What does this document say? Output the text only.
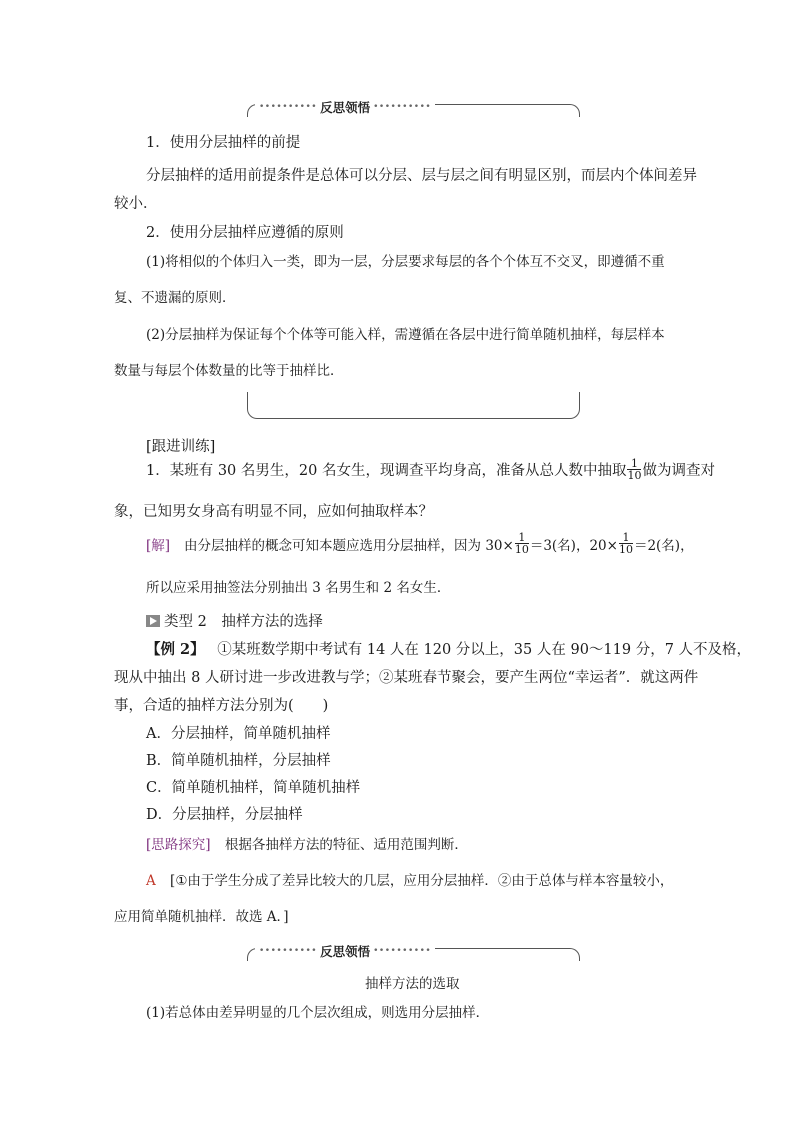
•••••••••• 反思领悟 ••••••••••
1．使用分层抽样的前提
分层抽样的适用前提条件是总体可以分层、层与层之间有明显区别，而层内个体间差异
较小．
2．使用分层抽样应遵循的原则
(1)将相似的个体归入一类，即为一层，分层要求每层的各个个体互不交叉，即遵循不重
复、不遗漏的原则．
(2)分层抽样为保证每个个体等可能入样，需遵循在各层中进行简单随机抽样，每层样本
数量与每层个体数量的比等于抽样比．
[跟进训练]
1．某班有 30 名男生，20 名女生，现调查平均身高，准备从总人数中抽取 $\frac{1}{10}$ 做为调查对
象，已知男女身高有明显不同，应如何抽取样本？
[解] 由分层抽样的概念可知本题应选用分层抽样，因为 $30\times \frac{1}{10} =3$(名)，$20\times \frac{1}{10} =2$(名)，
所以应采用抽签法分别抽出 3 名男生和 2 名女生．
类型 2　抽样方法的选择
【例 2】 ①某班数学期中考试有 14 人在 120 分以上，35 人在 90～119 分，7 人不及格，
现从中抽出 8 人研讨进一步改进教与学；②某班春节聚会，要产生两位“幸运者”．就这两件
事，合适的抽样方法分别为(　　)
A．分层抽样，简单随机抽样
B．简单随机抽样，分层抽样
C．简单随机抽样，简单随机抽样
D．分层抽样，分层抽样
[思路探究] 根据各抽样方法的特征、适用范围判断．
A [①由于学生分成了差异比较大的几层，应用分层抽样．②由于总体与样本容量较小，
应用简单随机抽样．故选 A．]
•••••••••• 反思领悟 ••••••••••
抽样方法的选取
(1)若总体由差异明显的几个层次组成，则选用分层抽样．
